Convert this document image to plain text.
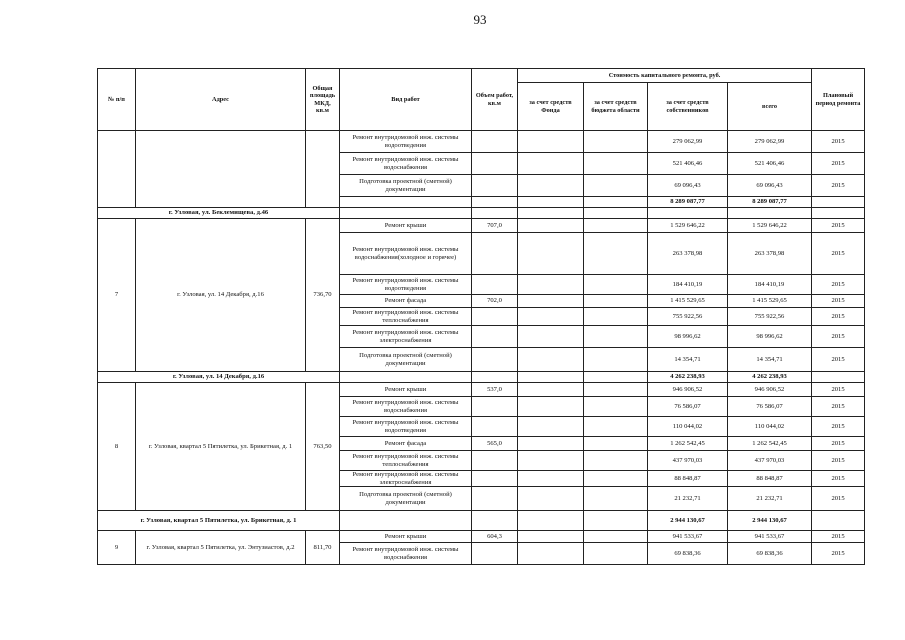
93
№ п/п	Адрес	Общая площадь МКД, кв.м	Вид работ	Объем работ, кв.м	Стоимость капитального ремонта, руб.				Плановый период ремонта
					за счет средств Фонда	за счет средств бюджета области	за счет средств собственников	всего	
			Ремонт внутридомовой инж. системы водоотведения				279 062,99	279 062,99	2015
			Ремонт внутридомовой инж. системы водоснабжения				521 406,46	521 406,46	2015
			Подготовка проектной (сметной) документации				69 096,43	69 096,43	2015
							8 289 087,77	8 289 087,77	
г. Узловая, ул. Беклемищева, д.46									
7	г. Узловая, ул. 14 Декабря, д.16	736,70	Ремонт крыши	707,0			1 529 646,22	1 529 646,22	2015
			Ремонт внутридомовой инж. системы водоснабжения(холодное и горячее)				263 378,98	263 378,98	2015
			Ремонт внутридомовой инж. системы водоотведения				184 410,19	184 410,19	2015
			Ремонт фасада	702,0			1 415 529,65	1 415 529,65	2015
			Ремонт внутридомовой инж. системы теплоснабжения				755 922,56	755 922,56	2015
			Ремонт внутридомовой инж. системы электроснабжения				98 996,62	98 996,62	2015
			Подготовка проектной (сметной) документации				14 354,71	14 354,71	2015
г. Узловая, ул. 14 Декабря, д.16							4 262 238,93	4 262 238,93	
8	г. Узловая, квартал 5 Пятилетка, ул. Брикетная, д. 1	763,50	Ремонт крыши	537,0			946 906,52	946 906,52	2015
			Ремонт внутридомовой инж. системы водоснабжения				76 586,07	76 586,07	2015
			Ремонт внутридомовой инж. системы водоотведения				110 044,02	110 044,02	2015
			Ремонт фасада	565,0			1 262 542,45	1 262 542,45	2015
			Ремонт внутридомовой инж. системы теплоснабжения				437 970,03	437 970,03	2015
			Ремонт внутридомовой инж. системы электроснабжения				88 848,87	88 848,87	2015
			Подготовка проектной (сметной) документации				21 232,71	21 232,71	2015
г. Узловая, квартал 5 Пятилетка, ул. Брикетная, д. 1							2 944 130,67	2 944 130,67	
9	г. Узловая, квартал 5 Пятилетка, ул. Энтузиастов, д.2	811,70	Ремонт крыши	604,3			941 533,67	941 533,67	2015
			Ремонт внутридомовой инж. системы водоснабжения				69 838,36	69 838,36	2015
